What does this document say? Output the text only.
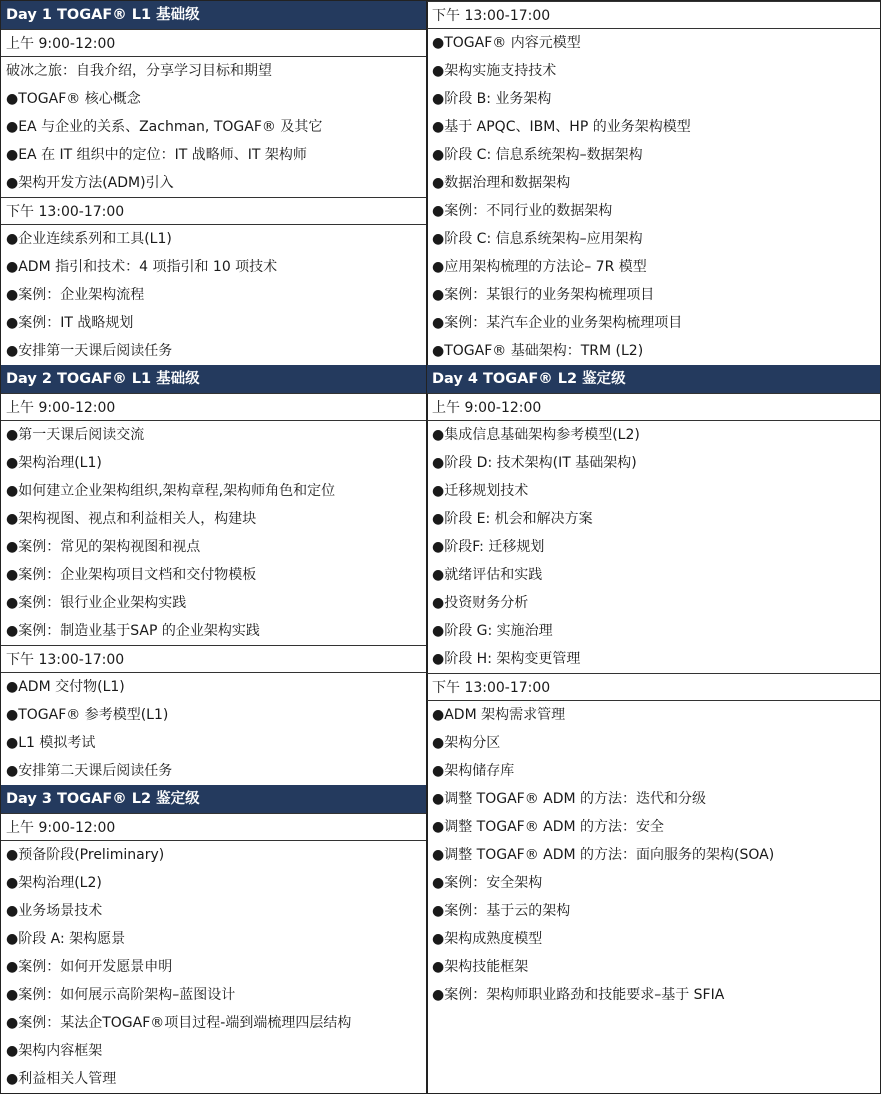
Day 1 TOGAF® L1 基础级
上午 9:00-12:00
破冰之旅：自我介绍，分享学习目标和期望
●TOGAF® 核心概念
●EA 与企业的关系、Zachman, TOGAF® 及其它
●EA 在 IT 组织中的定位：IT 战略师、IT 架构师
●架构开发方法(ADM)引入
下午 13:00-17:00
●企业连续系列和工具(L1)
●ADM 指引和技术：4 项指引和 10 项技术
●案例：企业架构流程
●案例：IT 战略规划
●安排第一天课后阅读任务
Day 2 TOGAF® L1 基础级
上午 9:00-12:00
●第一天课后阅读交流
●架构治理(L1)
●如何建立企业架构组织,架构章程,架构师角色和定位
●架构视图、视点和利益相关人，构建块
●案例：常见的架构视图和视点
●案例：企业架构项目文档和交付物模板
●案例：银行业企业架构实践
●案例：制造业基于SAP 的企业架构实践
下午 13:00-17:00
●ADM 交付物(L1)
●TOGAF® 参考模型(L1)
●L1 模拟考试
●安排第二天课后阅读任务
Day 3 TOGAF® L2 鉴定级
上午 9:00-12:00
●预备阶段(Preliminary)
●架构治理(L2)
●业务场景技术
●阶段 A: 架构愿景
●案例：如何开发愿景申明
●案例：如何展示高阶架构–蓝图设计
●案例：某法企TOGAF®项目过程-端到端梳理四层结构
●架构内容框架
●利益相关人管理
下午 13:00-17:00
●TOGAF® 内容元模型
●架构实施支持技术
●阶段 B: 业务架构
●基于 APQC、IBM、HP 的业务架构模型
●阶段 C: 信息系统架构–数据架构
●数据治理和数据架构
●案例：不同行业的数据架构
●阶段 C: 信息系统架构–应用架构
●应用架构梳理的方法论– 7R 模型
●案例：某银行的业务架构梳理项目
●案例：某汽车企业的业务架构梳理项目
●TOGAF® 基础架构：TRM (L2)
Day 4 TOGAF® L2 鉴定级
上午 9:00-12:00
●集成信息基础架构参考模型(L2)
●阶段 D: 技术架构(IT 基础架构)
●迁移规划技术
●阶段 E: 机会和解决方案
●阶段F: 迁移规划
●就绪评估和实践
●投资财务分析
●阶段 G: 实施治理
●阶段 H: 架构变更管理
下午 13:00-17:00
●ADM 架构需求管理
●架构分区
●架构储存库
●调整 TOGAF® ADM 的方法：迭代和分级
●调整 TOGAF® ADM 的方法：安全
●调整 TOGAF® ADM 的方法：面向服务的架构(SOA)
●案例：安全架构
●案例：基于云的架构
●架构成熟度模型
●架构技能框架
●案例：架构师职业路劲和技能要求–基于 SFIA
